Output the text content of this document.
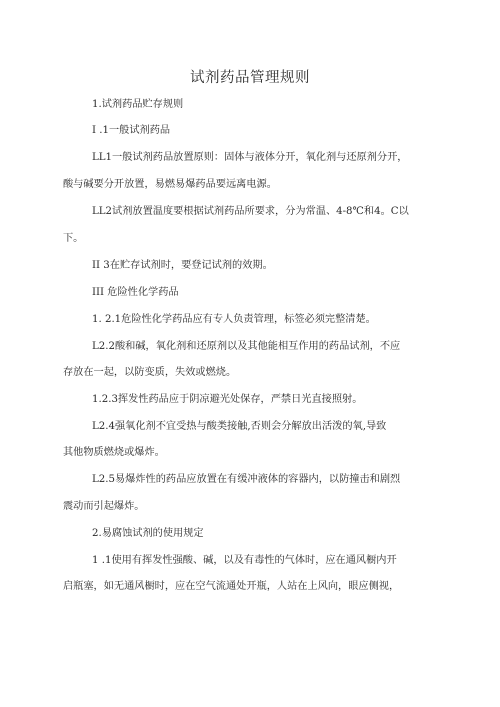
试剂药品管理规则
1.试剂药品贮存规则
I .1一般试剂药品
LL1一般试剂药品放置原则：固体与液体分开，氧化剂与还原剂分开，
酸与碱要分开放置，易燃易爆药品要远离电源。
LL2试剂放置温度要根据试剂药品所要求，分为常温、4-8℃和4。C以
下。
II 3在贮存试剂时，要登记试剂的效期。
III 危险性化学药品
1. 2.1危险性化学药品应有专人负责管理，标签必须完整清楚。
L2.2酸和碱，氧化剂和还原剂以及其他能相互作用的药品试剂，不应
存放在一起，以防变质，失效或燃烧。
1.2.3挥发性药品应于阴凉避光处保存，严禁日光直接照射。
L2.4强氧化剂不宜受热与酸类接触,否则会分解放出活泼的氧,导致
其他物质燃烧或爆炸。
L2.5易爆炸性的药品应放置在有缓冲液体的容器内，以防撞击和剧烈
震动而引起爆炸。
2.易腐蚀试剂的使用规定
1 .1使用有挥发性强酸、碱，以及有毒性的气体时，应在通风橱内开
启瓶塞，如无通风橱时，应在空气流通处开瓶，人站在上风向，眼应侧视，
